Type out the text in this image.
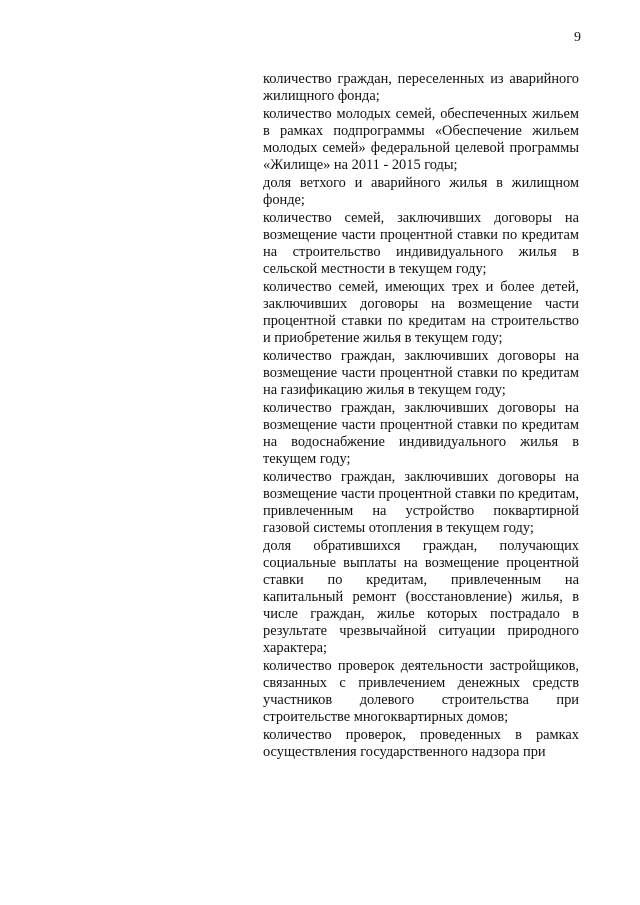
9

количество граждан, переселенных из аварийного жилищного фонда;

количество молодых семей, обеспеченных жильем в рамках подпрограммы «Обеспечение жильем молодых семей» федеральной целевой программы «Жилище» на 2011 - 2015 годы;

доля ветхого и аварийного жилья в жилищном фонде;

количество семей, заключивших договоры на возмещение части процентной ставки по кредитам на строительство индивидуального жилья в сельской местности в текущем году;

количество семей, имеющих трех и более детей, заключивших договоры на возмещение части процентной ставки по кредитам на строительство и приобретение жилья в текущем году;

количество граждан, заключивших договоры на возмещение части процентной ставки по кредитам на газификацию жилья в текущем году;

количество граждан, заключивших договоры на возмещение части процентной ставки по кредитам на водоснабжение индивидуального жилья в текущем году;

количество граждан, заключивших договоры на возмещение части процентной ставки по кредитам, привлеченным на устройство поквартирной газовой системы отопления в текущем году;

доля обратившихся граждан, получающих социальные выплаты на возмещение процентной ставки по кредитам, привлеченным на капитальный ремонт (восстановление) жилья, в числе граждан, жилье которых пострадало в результате чрезвычайной ситуации природного характера;

количество проверок деятельности застройщиков, связанных с привлечением денежных средств участников долевого строительства при строительстве многоквартирных домов;

количество проверок, проведенных в рамках осуществления государственного надзора при
